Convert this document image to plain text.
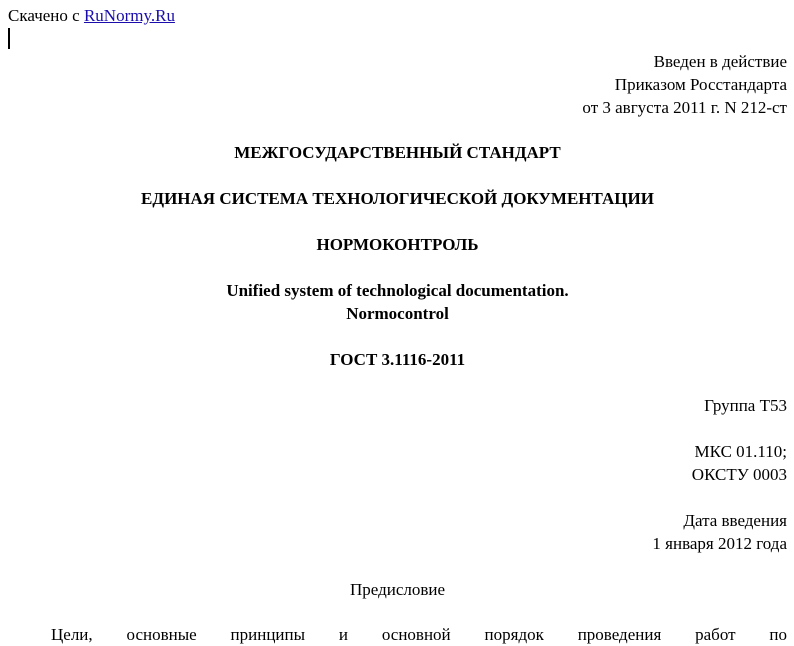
Скачено с RuNormy.Ru
Введен в действие
Приказом Росстандарта
от 3 августа 2011 г. N 212-ст
МЕЖГОСУДАРСТВЕННЫЙ СТАНДАРТ
ЕДИНАЯ СИСТЕМА ТЕХНОЛОГИЧЕСКОЙ ДОКУМЕНТАЦИИ
НОРМОКОНТРОЛЬ
Unified system of technological documentation.
Normocontrol
ГОСТ 3.1116-2011
Группа Т53
МКС 01.110;
ОКСТУ 0003
Дата введения
1 января 2012 года
Предисловие
Цели, основные принципы и основной порядок проведения работ по
